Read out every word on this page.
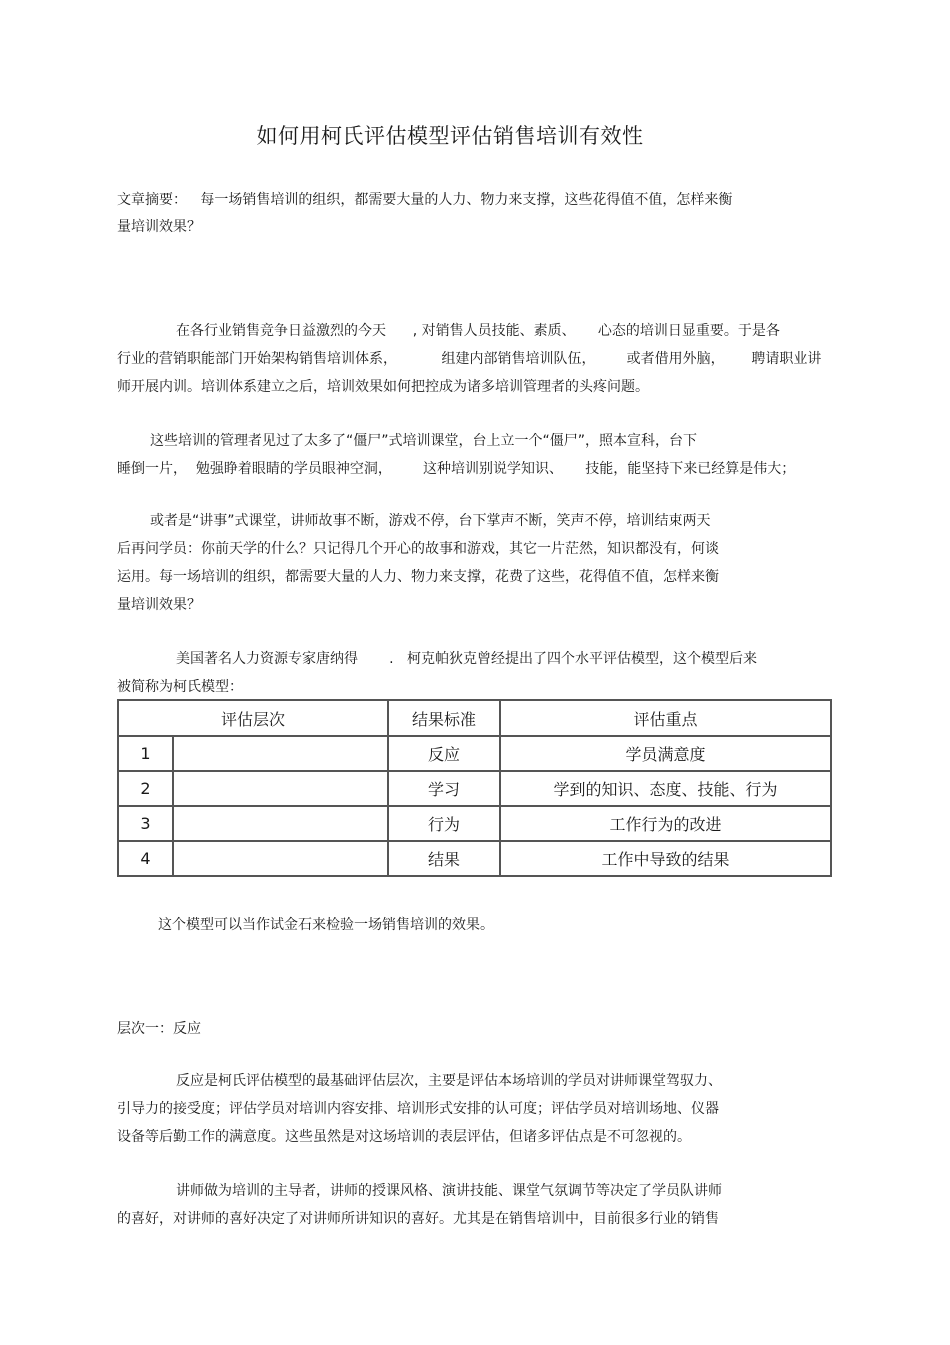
如何用柯氏评估模型评估销售培训有效性
文章摘要：   每一场销售培训的组织，都需要大量的人力、物力来支撑，这些花得值不值，怎样来衡
量培训效果？
在各行业销售竞争日益激烈的今天      , 对销售人员技能、素质、     心态的培训日显重要。于是各
行业的营销职能部门开始架构销售培训体系，          组建内部销售培训队伍，       或者借用外脑，      聘请职业讲
师开展内训。培训体系建立之后，培训效果如何把控成为诸多培训管理者的头疼问题。
这些培训的管理者见过了太多了“僵尸”式培训课堂，台上立一个“僵尸”，照本宣科，台下
睡倒一片，  勉强睁着眼睛的学员眼神空洞，       这种培训别说学知识、     技能，能坚持下来已经算是伟大；
或者是“讲事”式课堂，讲师故事不断，游戏不停，台下掌声不断，笑声不停，培训结束两天
后再问学员：你前天学的什么？只记得几个开心的故事和游戏，其它一片茫然，知识都没有，何谈
运用。每一场培训的组织，都需要大量的人力、物力来支撑，花费了这些，花得值不值，怎样来衡
量培训效果？
美国著名人力资源专家唐纳得       .   柯克帕狄克曾经提出了四个水平评估模型，这个模型后来
被简称为柯氏模型：
评估层次		结果标准	评估重点
1		反应	学员满意度
2		学习	学到的知识、态度、技能、行为
3		行为	工作行为的改进
4		结果	工作中导致的结果
这个模型可以当作试金石来检验一场销售培训的效果。
层次一：反应
反应是柯氏评估模型的最基础评估层次，主要是评估本场培训的学员对讲师课堂驾驭力、
引导力的接受度；评估学员对培训内容安排、培训形式安排的认可度；评估学员对培训场地、仪器
设备等后勤工作的满意度。这些虽然是对这场培训的表层评估，但诸多评估点是不可忽视的。
讲师做为培训的主导者，讲师的授课风格、演讲技能、课堂气氛调节等决定了学员队讲师
的喜好，对讲师的喜好决定了对讲师所讲知识的喜好。尤其是在销售培训中，目前很多行业的销售
